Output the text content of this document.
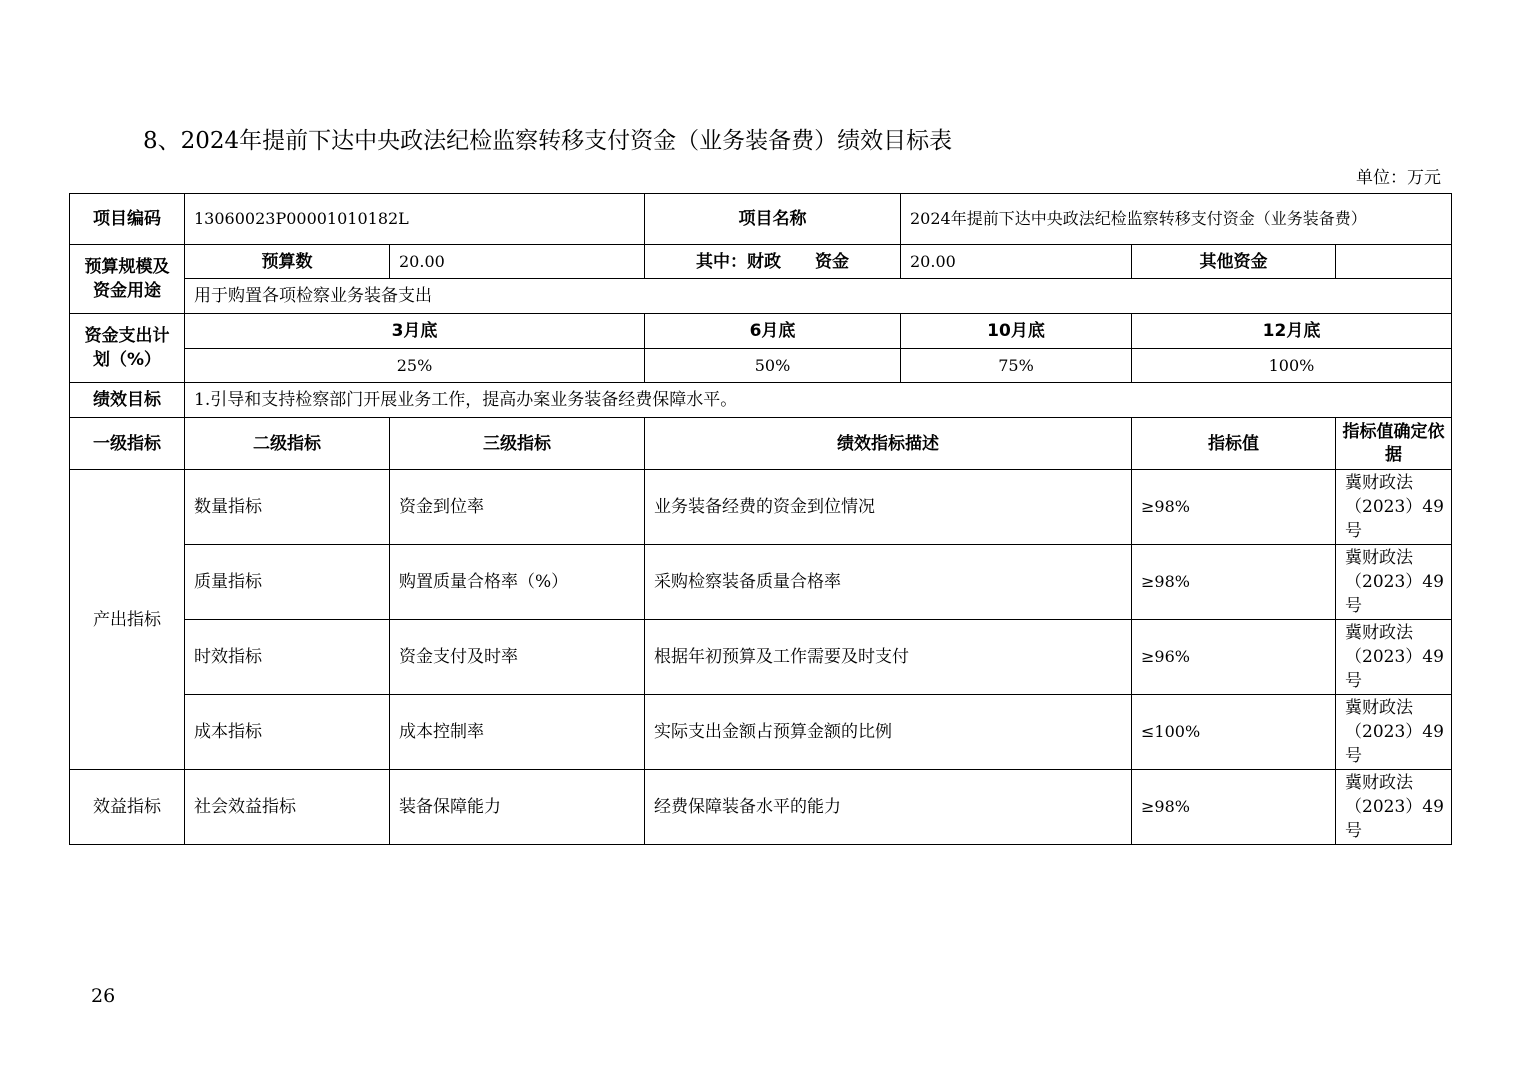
8、2024年提前下达中央政法纪检监察转移支付资金（业务装备费）绩效目标表
单位：万元
项目编码	13060023P00001010182L		项目名称	2024年提前下达中央政法纪检监察转移支付资金（业务装备费）		
预算规模及资金用途	预算数	20.00	其中：财政　　资金	20.00	其他资金	
	用于购置各项检察业务装备支出					
资金支出计划（%）	3月底		6月底	10月底	12月底	
	25%		50%	75%	100%	
绩效目标	1.引导和支持检察部门开展业务工作，提高办案业务装备经费保障水平。					
一级指标	二级指标	三级指标	绩效指标描述		指标值	指标值确定依据
产出指标	数量指标	资金到位率	业务装备经费的资金到位情况		≥98%	冀财政法（2023）49号
	质量指标	购置质量合格率（%）	采购检察装备质量合格率		≥98%	冀财政法（2023）49号
	时效指标	资金支付及时率	根据年初预算及工作需要及时支付		≥96%	冀财政法（2023）49号
	成本指标	成本控制率	实际支出金额占预算金额的比例		≤100%	冀财政法（2023）49号
效益指标	社会效益指标	装备保障能力	经费保障装备水平的能力		≥98%	冀财政法（2023）49号
26
